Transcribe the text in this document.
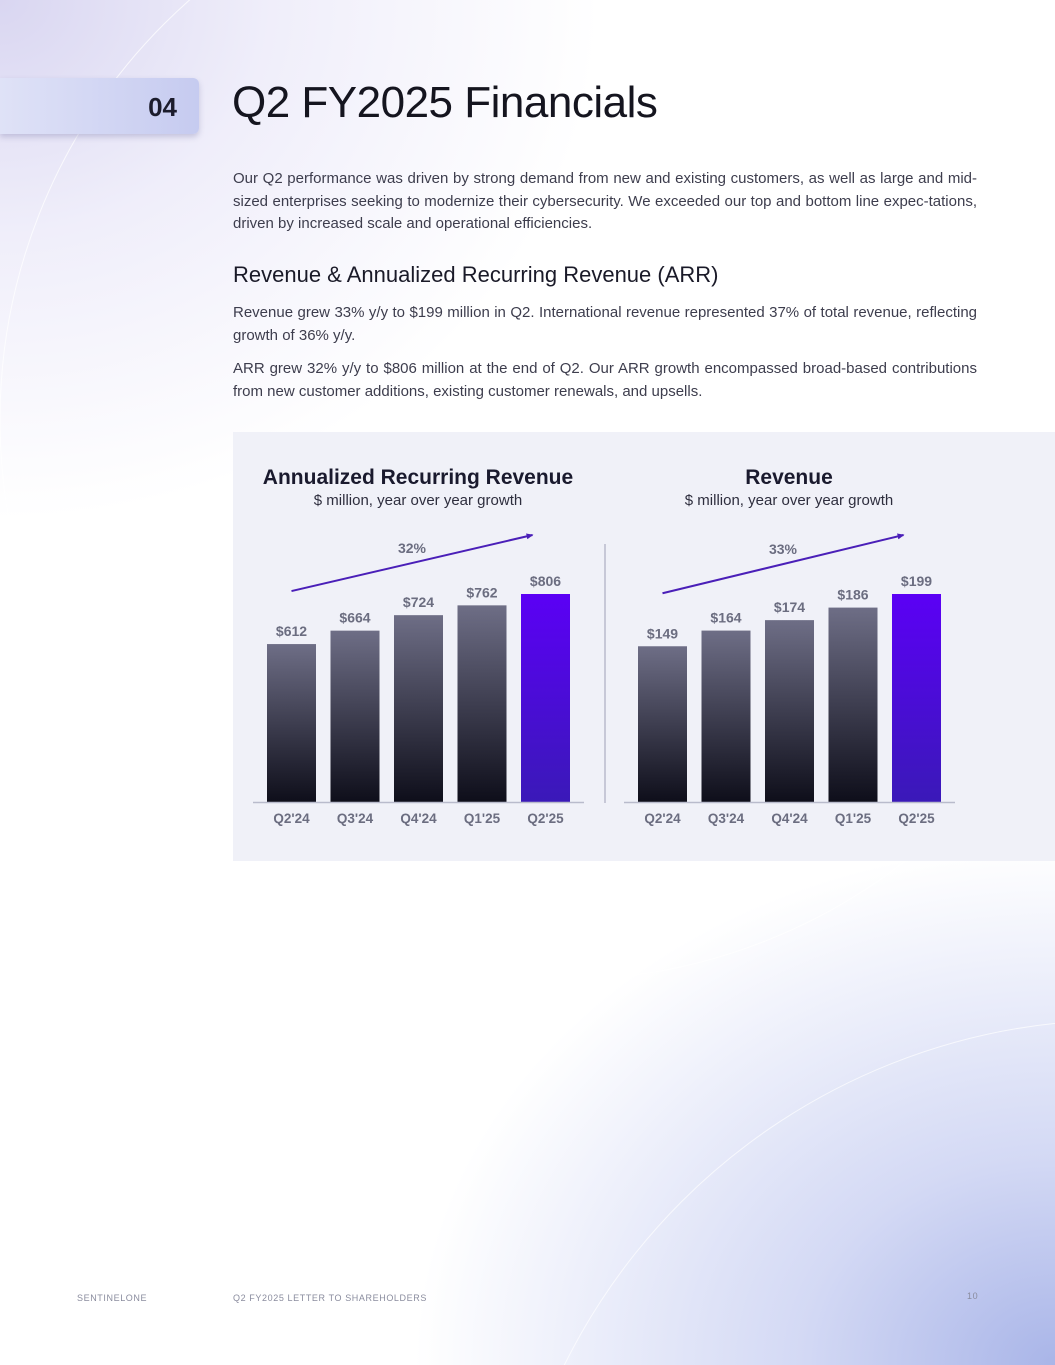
04 Q2 FY2025 Financials

Our Q2 performance was driven by strong demand from new and existing customers, as well as large and mid-sized enterprises seeking to modernize their cybersecurity. We exceeded our top and bottom line expec-tations, driven by increased scale and operational efficiencies.

Revenue & Annualized Recurring Revenue (ARR)

Revenue grew 33% y/y to $199 million in Q2. International revenue represented 37% of total revenue, reflecting growth of 36% y/y.

ARR grew 32% y/y to $806 million at the end of Q2. Our ARR growth encompassed broad-based contributions from new customer additions, existing customer renewals, and upsells.

Annualized Recurring Revenue
$ million, year over year growth
$612
Q2'24
$664
Q3'24
$724
Q4'24
$762
Q1'25
$806
Q2'25
32%
Revenue
$ million, year over year growth
$149
Q2'24
$164
Q3'24
$174
Q4'24
$186
Q1'25
$199
Q2'25
33%
SENTINELONE	Q2 FY2025 LETTER TO SHAREHOLDERS	10
